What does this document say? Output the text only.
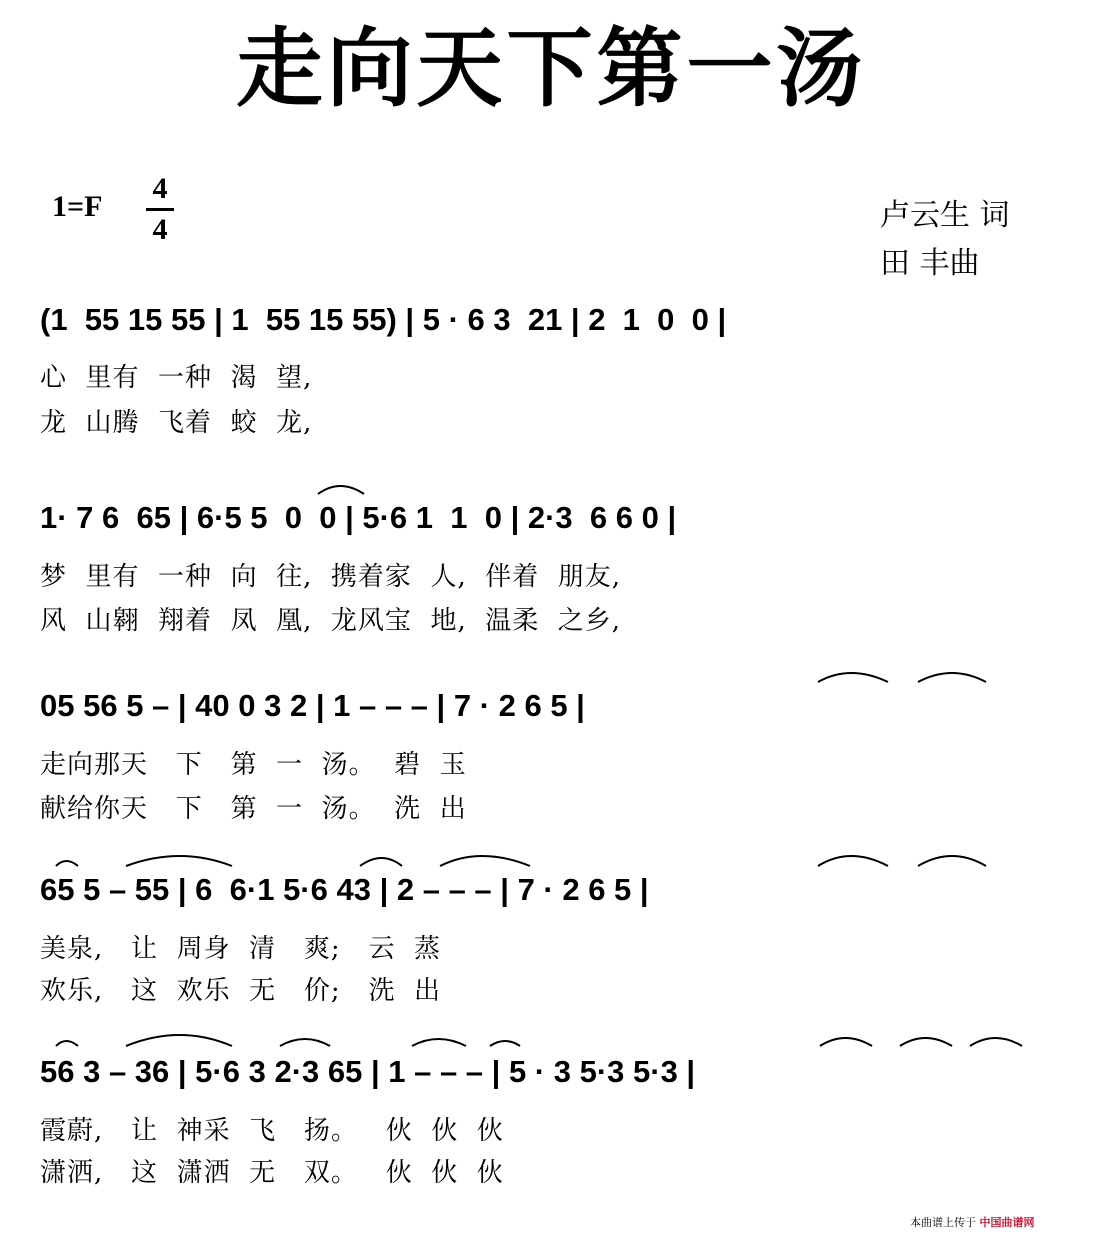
走向天下第一汤
1=F
4
4	卢云生 词
田 丰曲
(1  55 15 55 | 1  55 15 55) | 5 · 6 3  21 | 2  1  0  0 |
心  里有  一种  渴  望,
龙  山腾  飞着  蛟  龙,
1· 7 6  65 | 6·5 5  0  0 | 5·6 1  1  0 | 2·3  6 6 0 |
梦  里有  一种  向  往,  携着家  人,  伴着  朋友,
风  山翱  翔着  凤  凰,  龙风宝  地,  温柔  之乡,
05 56 5 – | 40 0 3 2 | 1 – – – | 7 · 2 6 5 |
走向那天   下   第  一  汤。  碧  玉
献给你天   下   第  一  汤。  洗  出
65 5 – 55 | 6  6·1 5·6 43 | 2 – – – | 7 · 2 6 5 |
美泉,   让  周身  清   爽;   云  蒸
欢乐,   这  欢乐  无   价;   洗  出
56 3 – 36 | 5·6 3 2·3 65 | 1 – – – | 5 · 3 5·3 5·3 |
霞蔚,   让  神采  飞   扬。   伙  伙  伙
潇洒,   这  潇洒  无   双。   伙  伙  伙
本曲谱上传于 中国曲谱网
